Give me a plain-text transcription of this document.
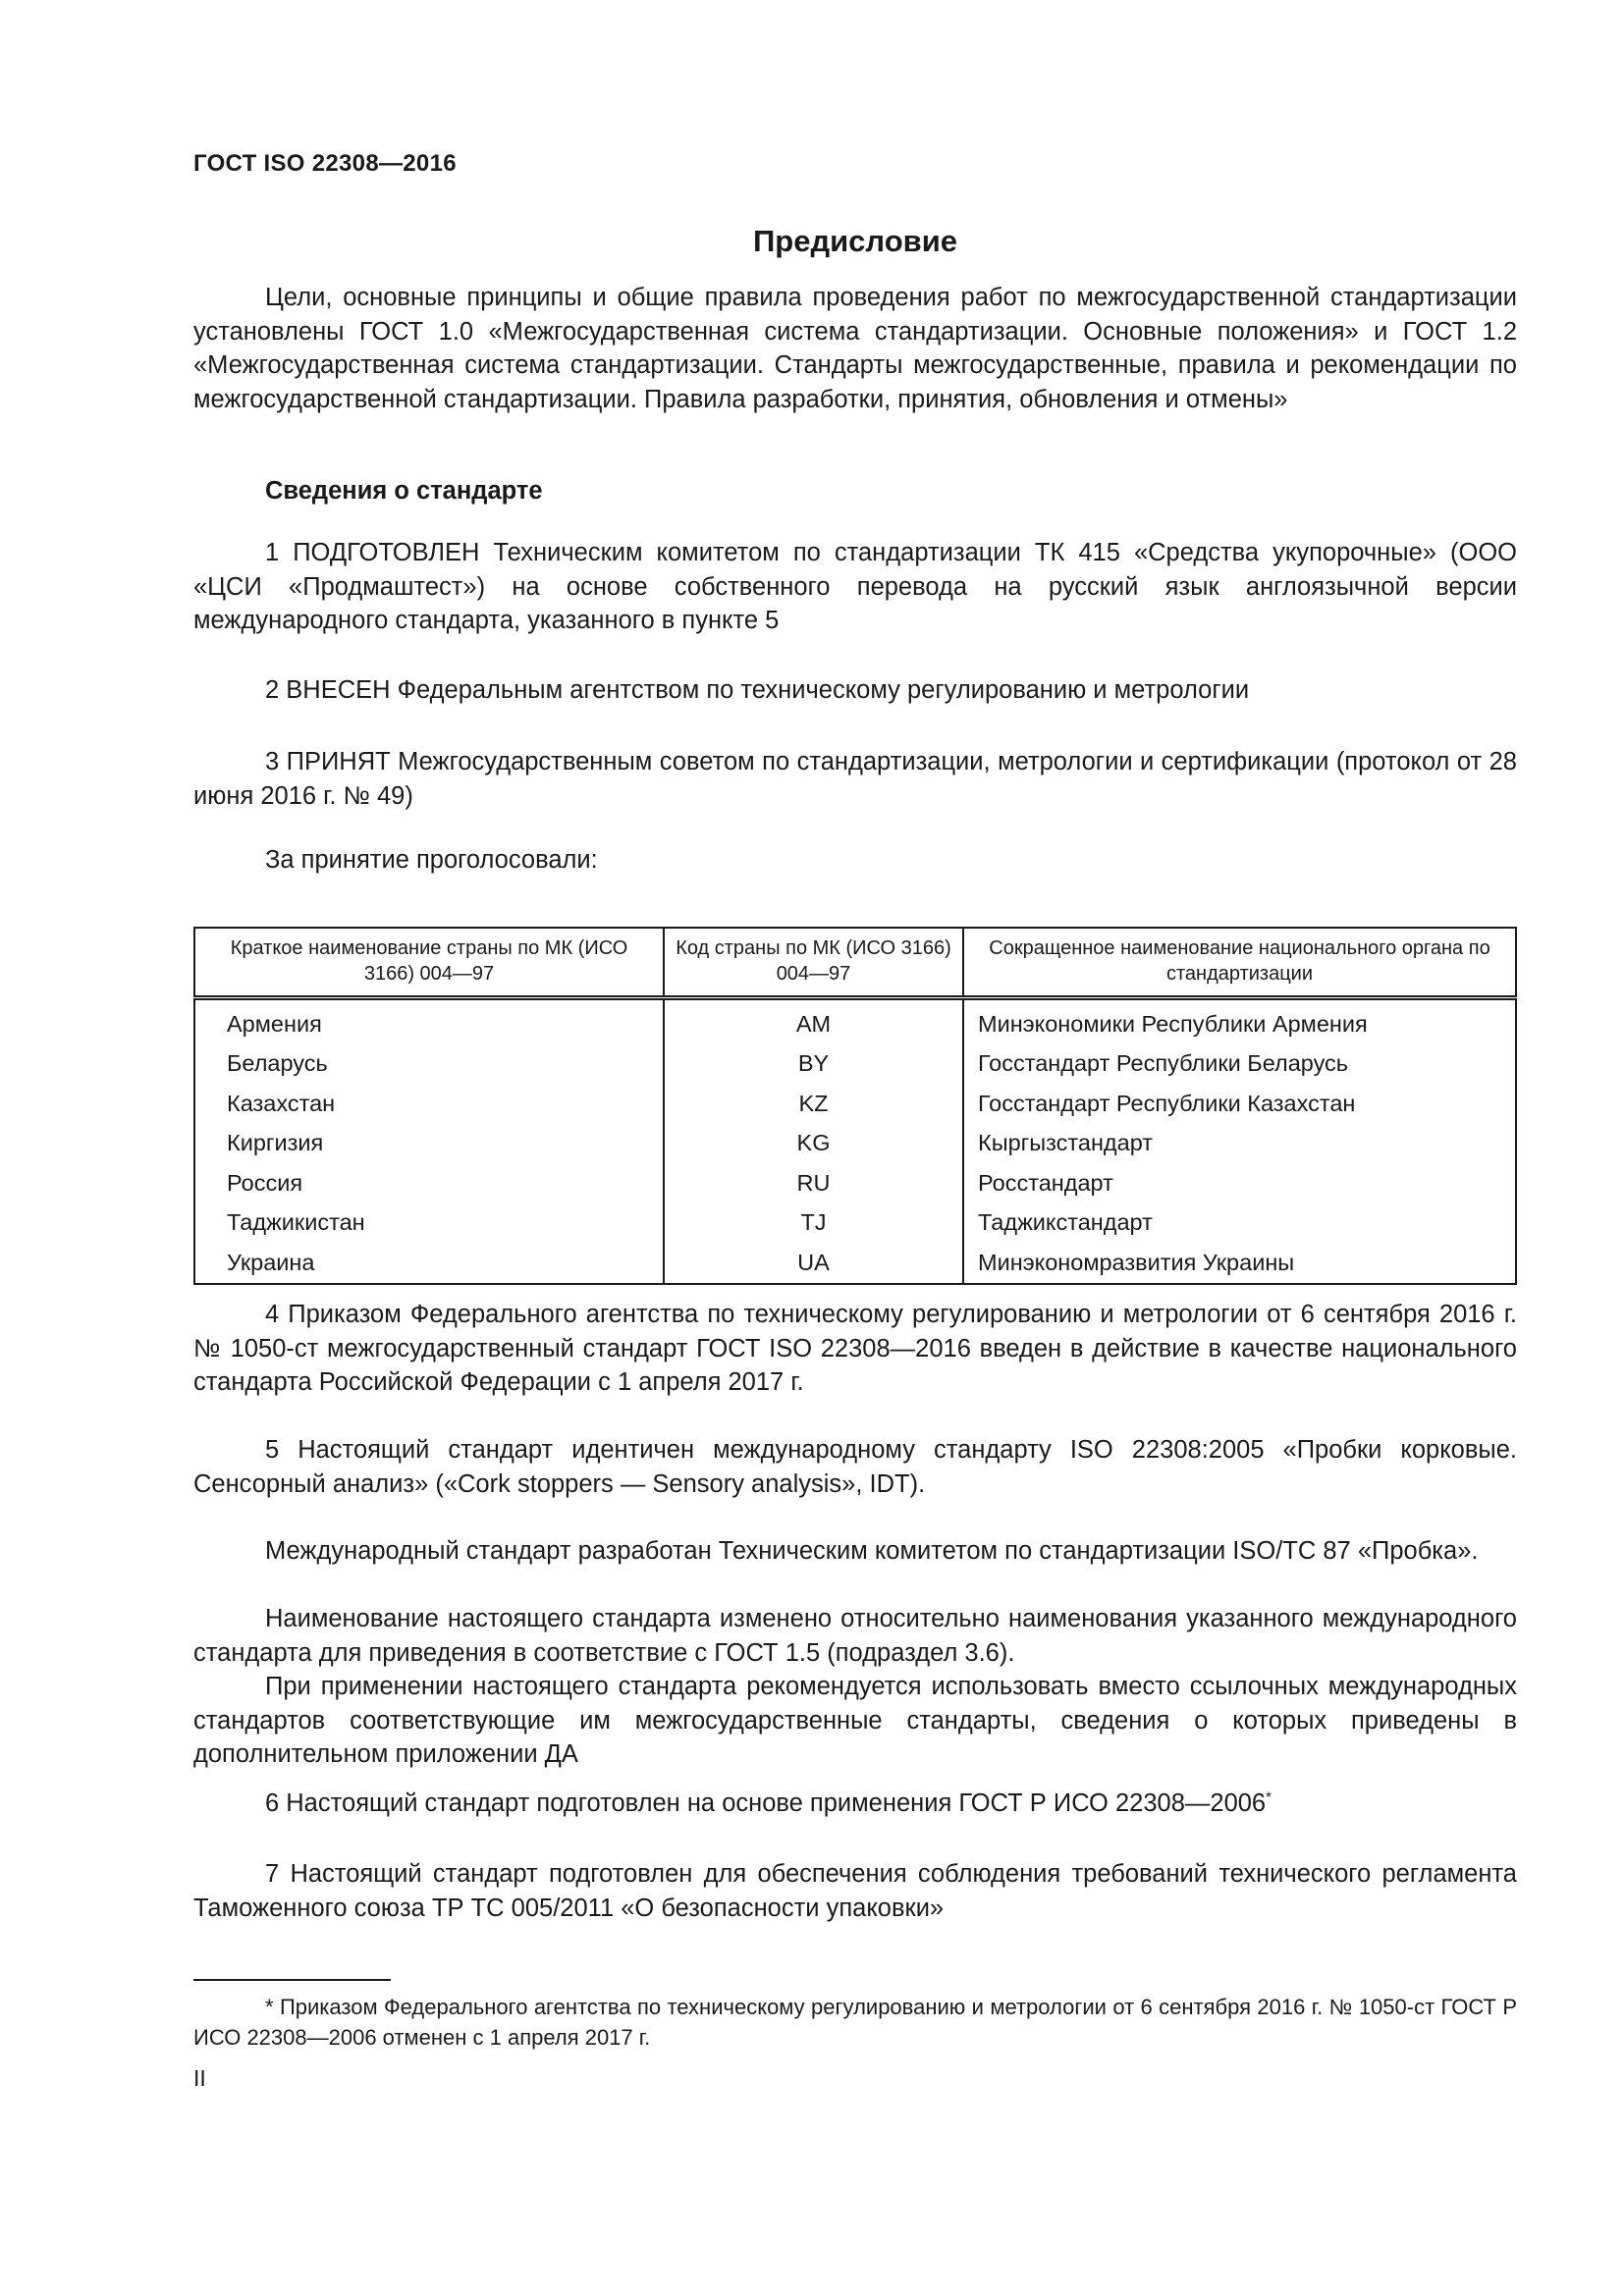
ГОСТ ISO 22308—2016
Предисловие

Цели, основные принципы и общие правила проведения работ по межгосударственной стандартизации установлены ГОСТ 1.0 «Межгосударственная система стандартизации. Основные положения» и ГОСТ 1.2 «Межгосударственная система стандартизации. Стандарты межгосударственные, правила и рекомендации по межгосударственной стандартизации. Правила разработки, принятия, обновления и отмены»

Сведения о стандарте

1 ПОДГОТОВЛЕН Техническим комитетом по стандартизации ТК 415 «Средства укупорочные» (ООО «ЦСИ «Продмаштест») на основе собственного перевода на русский язык англоязычной версии международного стандарта, указанного в пункте 5

2 ВНЕСЕН Федеральным агентством по техническому регулированию и метрологии

3 ПРИНЯТ Межгосударственным советом по стандартизации, метрологии и сертификации (протокол от 28 июня 2016 г. № 49)

За принятие проголосовали:
Краткое наименование страны по МК (ИСО 3166) 004—97	Код страны по МК (ИСО 3166) 004—97	Сокращенное наименование национального органа по стандартизации
Армения	AM	Минэкономики Республики Армения
Беларусь	BY	Госстандарт Республики Беларусь
Казахстан	KZ	Госстандарт Республики Казахстан
Киргизия	KG	Кыргызстандарт
Россия	RU	Росстандарт
Таджикистан	TJ	Таджикстандарт
Украина	UA	Минэкономразвития Украины

4 Приказом Федерального агентства по техническому регулированию и метрологии от 6 сентября 2016 г. № 1050-ст межгосударственный стандарт ГОСТ ISO 22308—2016 введен в действие в качестве национального стандарта Российской Федерации с 1 апреля 2017 г.

5 Настоящий стандарт идентичен международному стандарту ISO 22308:2005 «Пробки корковые. Сенсорный анализ» («Cork stoppers — Sensory analysis», IDT).

Международный стандарт разработан Техническим комитетом по стандартизации ISO/TC 87 «Пробка».

Наименование настоящего стандарта изменено относительно наименования указанного международного стандарта для приведения в соответствие с ГОСТ 1.5 (подраздел 3.6).

При применении настоящего стандарта рекомендуется использовать вместо ссылочных международных стандартов соответствующие им межгосударственные стандарты, сведения о которых приведены в дополнительном приложении ДА

6 Настоящий стандарт подготовлен на основе применения ГОСТ Р ИСО 22308—2006*

7 Настоящий стандарт подготовлен для обеспечения соблюдения требований технического регламента Таможенного союза ТР ТС 005/2011 «О безопасности упаковки»

* Приказом Федерального агентства по техническому регулированию и метрологии от 6 сентября 2016 г. № 1050-ст ГОСТ Р ИСО 22308—2006 отменен с 1 апреля 2017 г.

II
